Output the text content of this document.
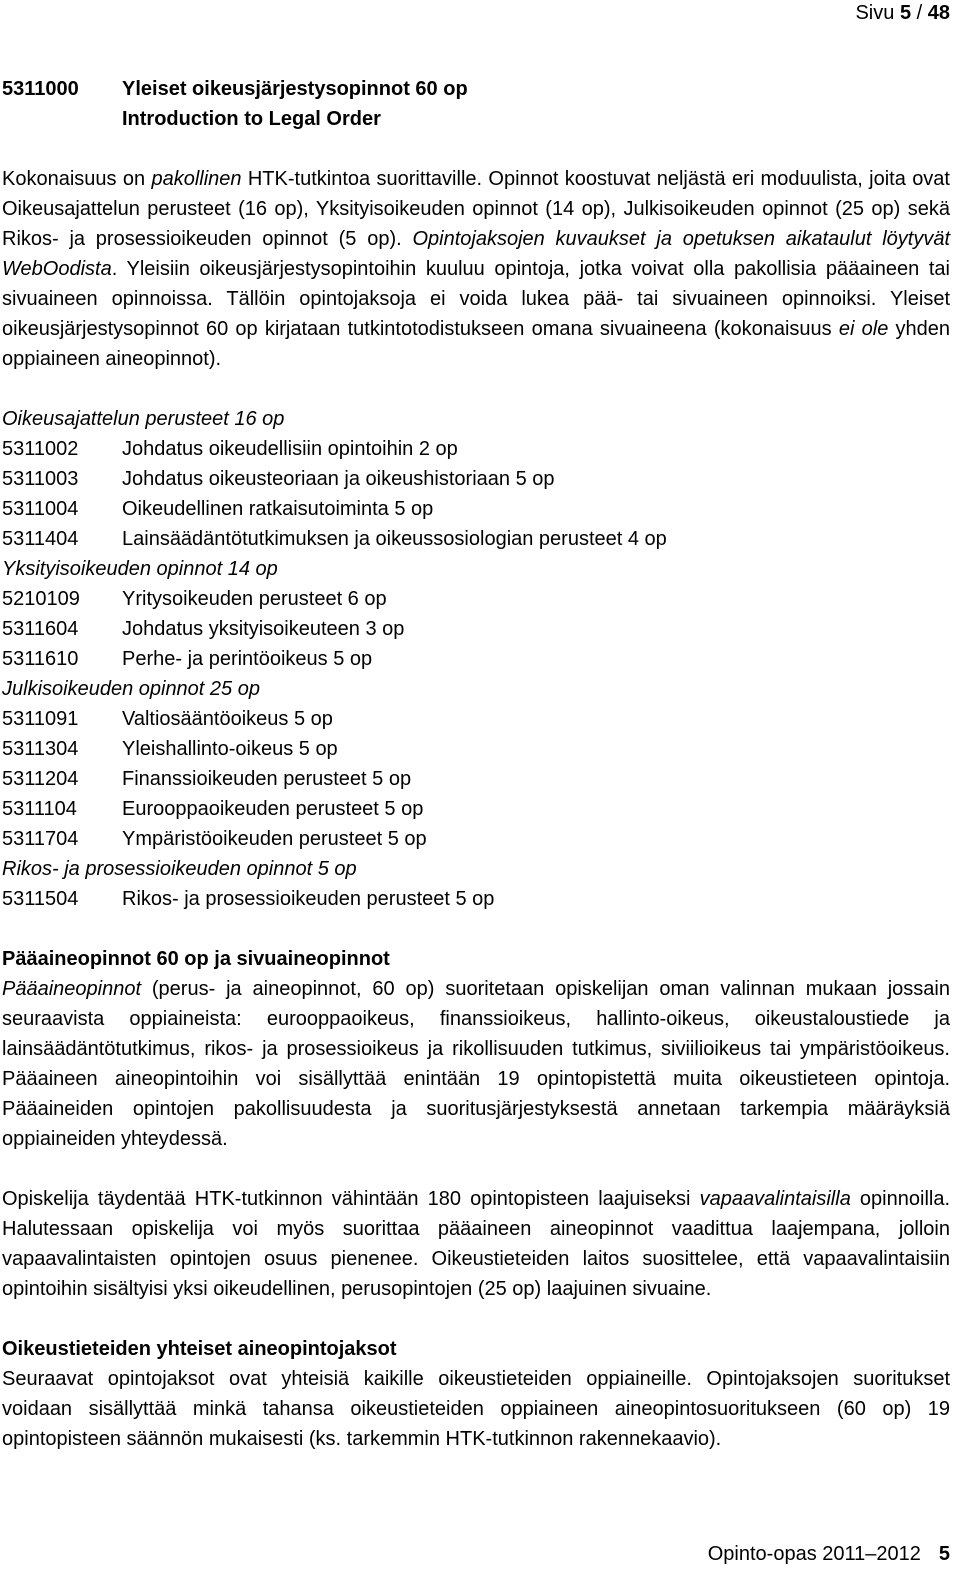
Sivu 5 / 48
5311000	Yleiset oikeusjärjestysopinnot 60 op
Introduction to Legal Order

Kokonaisuus on pakollinen HTK-tutkintoa suorittaville. Opinnot koostuvat neljästä eri moduulista, joita ovat Oikeusajattelun perusteet (16 op), Yksityisoikeuden opinnot (14 op), Julkisoikeuden opinnot (25 op) sekä Rikos- ja prosessioikeuden opinnot (5 op). Opintojaksojen kuvaukset ja opetuksen aikataulut löytyvät WebOodista. Yleisiin oikeusjärjestysopintoihin kuuluu opintoja, jotka voivat olla pakollisia pääaineen tai sivuaineen opinnoissa. Tällöin opintojaksoja ei voida lukea pää- tai sivuaineen opinnoiksi. Yleiset oikeusjärjestysopinnot 60 op kirjataan tutkintotodistukseen omana sivuaineena (kokonaisuus ei ole yhden oppiaineen aineopinnot).

Oikeusajattelun perusteet 16 op
5311002	Johdatus oikeudellisiin opintoihin 2 op
5311003	Johdatus oikeusteoriaan ja oikeushistoriaan 5 op
5311004	Oikeudellinen ratkaisutoiminta 5 op
5311404	Lainsäädäntötutkimuksen ja oikeussosiologian perusteet 4 op
Yksityisoikeuden opinnot 14 op
5210109	Yritysoikeuden perusteet 6 op
5311604	Johdatus yksityisoikeuteen 3 op
5311610	Perhe- ja perintöoikeus 5 op
Julkisoikeuden opinnot 25 op
5311091	Valtiosääntöoikeus 5 op
5311304	Yleishallinto-oikeus 5 op
5311204	Finanssioikeuden perusteet 5 op
5311104	Eurooppaoikeuden perusteet 5 op
5311704	Ympäristöoikeuden perusteet 5 op
Rikos- ja prosessioikeuden opinnot 5 op
5311504	Rikos- ja prosessioikeuden perusteet 5 op
Pääaineopinnot 60 op ja sivuaineopinnot

Pääaineopinnot (perus- ja aineopinnot, 60 op) suoritetaan opiskelijan oman valinnan mukaan jossain seuraavista oppiaineista: eurooppaoikeus, finanssioikeus, hallinto-oikeus, oikeustaloustiede ja lainsäädäntötutkimus, rikos- ja prosessioikeus ja rikollisuuden tutkimus, siviilioikeus tai ympäristöoikeus. Pääaineen aineopintoihin voi sisällyttää enintään 19 opintopistettä muita oikeustieteen opintoja. Pääaineiden opintojen pakollisuudesta ja suoritusjärjestyksestä annetaan tarkempia määräyksiä oppiaineiden yhteydessä.

Opiskelija täydentää HTK-tutkinnon vähintään 180 opintopisteen laajuiseksi vapaavalintaisilla opinnoilla. Halutessaan opiskelija voi myös suorittaa pääaineen aineopinnot vaadittua laajempana, jolloin vapaavalintaisten opintojen osuus pienenee. Oikeustieteiden laitos suosittelee, että vapaavalintaisiin opintoihin sisältyisi yksi oikeudellinen, perusopintojen (25 op) laajuinen sivuaine.

Oikeustieteiden yhteiset aineopintojaksot

Seuraavat opintojaksot ovat yhteisiä kaikille oikeustieteiden oppiaineille. Opintojaksojen suoritukset voidaan sisällyttää minkä tahansa oikeustieteiden oppiaineen aineopintosuoritukseen (60 op) 19 opintopisteen säännön mukaisesti (ks. tarkemmin HTK-tutkinnon rakennekaavio).

Opinto-opas 2011–2012 5
